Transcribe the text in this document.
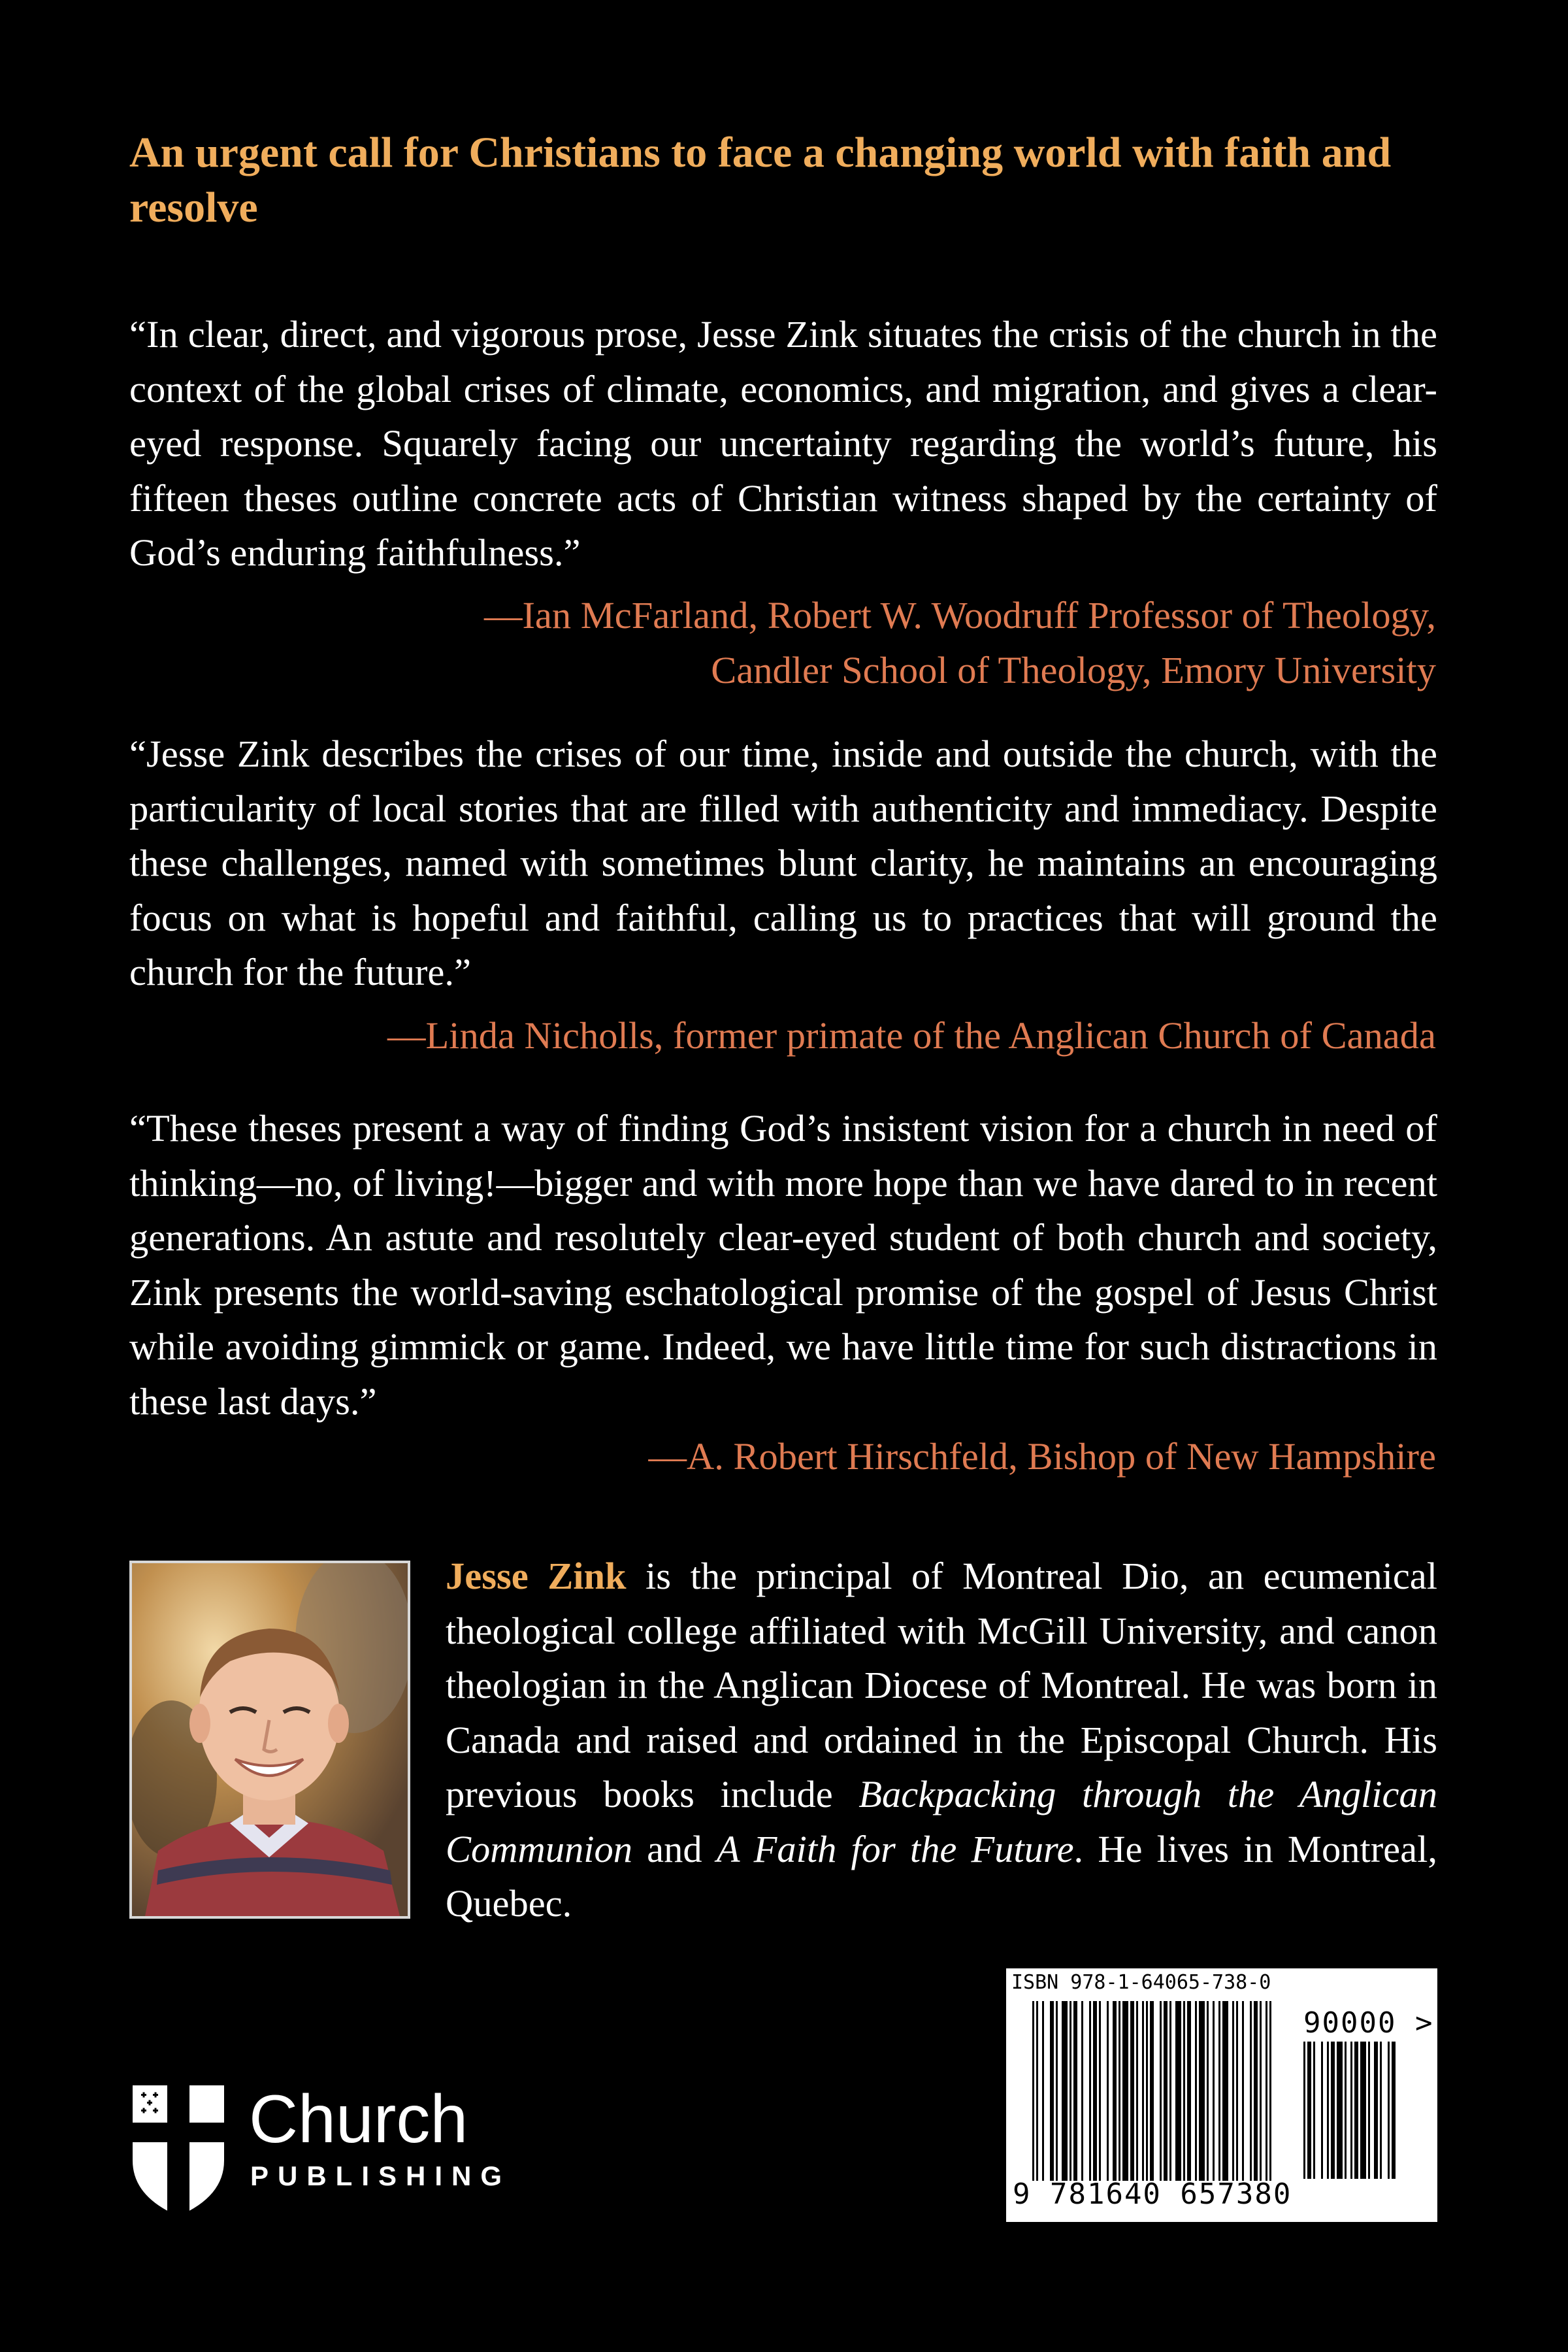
An urgent call for Christians to face a changing world with faith and resolve
“In clear, direct, and vigorous prose, Jesse Zink situates the crisis of the church in the context of the global crises of climate, economics, and migration, and gives a clear-eyed response. Squarely facing our uncertainty regarding the world’s future, his fifteen theses outline concrete acts of Christian witness shaped by the certainty of God’s enduring faithfulness.”
—Ian McFarland, Robert W. Woodruff Professor of Theology,
Candler School of Theology, Emory University
“Jesse Zink describes the crises of our time, inside and outside the church, with the particularity of local stories that are filled with authenticity and immediacy. Despite these challenges, named with sometimes blunt clarity, he maintains an encouraging focus on what is hopeful and faithful, calling us to practices that will ground the church for the future.”
—Linda Nicholls, former primate of the Anglican Church of Canada
“These theses present a way of finding God’s insistent vision for a church in need of thinking—no, of living!—bigger and with more hope than we have dared to in recent generations. An astute and resolutely clear-eyed student of both church and society, Zink presents the world-saving eschatological promise of the gospel of Jesus Christ while avoiding gimmick or game. Indeed, we have little time for such distractions in these last days.”
—A. Robert Hirschfeld, Bishop of New Hampshire
Jesse Zink is the principal of Montreal Dio, an ecumenical theological college affiliated with McGill University, and canon theologian in the Anglican Diocese of Montreal. He was born in Canada and raised and ordained in the Episcopal Church. His previous books include Backpacking through the Anglican Communion and A Faith for the Future. He lives in Montreal, Quebec.
Church
PUBLISHING
ISBN 978-1-64065-738-0
90000 >
9 781640 657380
